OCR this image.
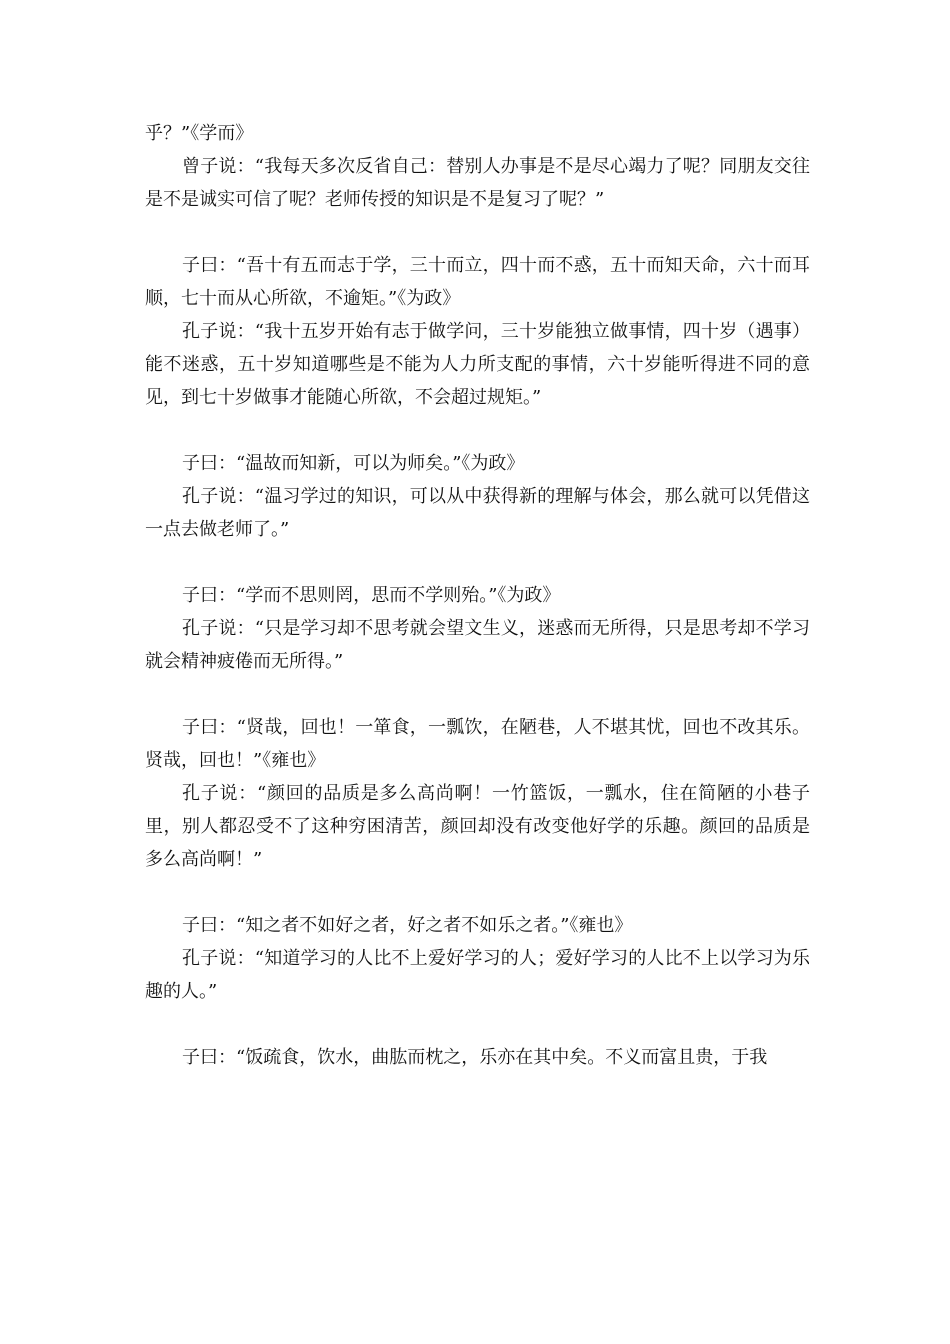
乎？”《学而》

曾子说：“我每天多次反省自己：替别人办事是不是尽心竭力了呢？同朋友交往是不是诚实可信了呢？老师传授的知识是不是复习了呢？”

子曰：“吾十有五而志于学，三十而立，四十而不惑，五十而知天命，六十而耳顺，七十而从心所欲，不逾矩。”《为政》

孔子说：“我十五岁开始有志于做学问，三十岁能独立做事情，四十岁（遇事）能不迷惑，五十岁知道哪些是不能为人力所支配的事情，六十岁能听得进不同的意见，到七十岁做事才能随心所欲，不会超过规矩。”

子曰：“温故而知新，可以为师矣。”《为政》

孔子说：“温习学过的知识，可以从中获得新的理解与体会，那么就可以凭借这一点去做老师了。”

子曰：“学而不思则罔，思而不学则殆。”《为政》

孔子说：“只是学习却不思考就会望文生义，迷惑而无所得，只是思考却不学习就会精神疲倦而无所得。”

子曰：“贤哉，回也！一箪食，一瓢饮，在陋巷，人不堪其忧，回也不改其乐。贤哉，回也！”《雍也》

孔子说：“颜回的品质是多么高尚啊！一竹篮饭，一瓢水，住在简陋的小巷子里，别人都忍受不了这种穷困清苦，颜回却没有改变他好学的乐趣。颜回的品质是多么高尚啊！”

子曰：“知之者不如好之者，好之者不如乐之者。”《雍也》

孔子说：“知道学习的人比不上爱好学习的人；爱好学习的人比不上以学习为乐趣的人。”

子曰：“饭疏食，饮水，曲肱而枕之，乐亦在其中矣。不义而富且贵，于我
